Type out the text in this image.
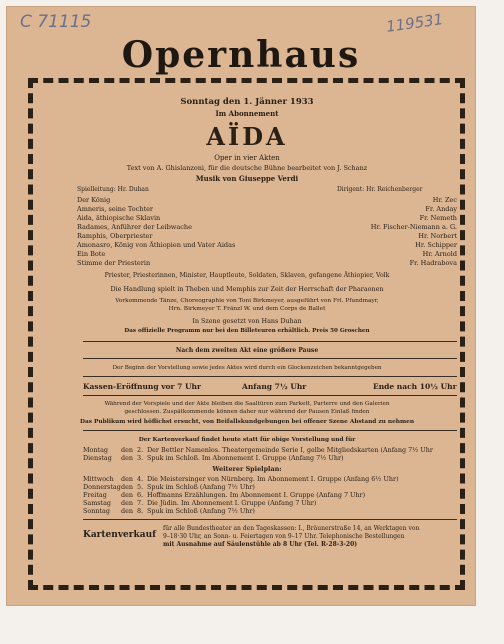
C 71115	119531
Opernhaus
Sonntag den 1. Jänner 1933
Im Abonnement
AÏDA
Oper in vier Akten
Text von A. Ghislanzoni, für die deutsche Bühne bearbeitet von J. Schanz
Musik von Giuseppe Verdi
Spielleitung: Hr. Duhan	Dirigent: Hr. Reichenberger
Der König	Hr. Zec
Amneris, seine Tochter	Fr. Anday
Aida, äthiopische Sklavin	Fr. Nemeth
Radames, Anführer der Leibwache	Hr. Fischer-Niemann a. G.
Ramphis, Oberpriester	Hr. Norbert
Amonasro, König von Äthiopien und Vater Aidas	Hr. Schipper
Ein Bote	Hr. Arnold
Stimme der Priesterin	Fr. Hadrabova
Priester, Priesterinnen, Minister, Hauptleute, Soldaten, Sklaven, gefangene Äthiopier, Volk
Die Handlung spielt in Theben und Memphis zur Zeit der Herrschaft der Pharaonen
Vorkommende Tänze, Choreographie von Toni Birkmeyer, ausgeführt von Frl. Pfundmayr,
Hrn. Birkmeyer T. Fränzl W. und dem Corps de Ballet
In Szene gesetzt von Hans Duhan
Das offizielle Programm nur bei den Billeteuren erhältlich. Preis 50 Groschen
Nach dem zweiten Akt eine größere Pause
Der Beginn der Vorstellung sowie jedes Aktes wird durch ein Glockenzeichen bekanntgegeben
Kassen-Eröffnung vor 7 Uhr	Anfang 7½ Uhr	Ende nach 10½ Uhr
Während der Vorspiele und der Akte bleiben die Saaltüren zum Parkett, Parterre und den Galerien
geschlossen. Zuspätkommende können daher nur während der Pausen Einlaß finden
Das Publikum wird höflichst ersucht, von Beifallskundgebungen bei offener Szene Abstand zu nehmen
Der Kartenverkauf findet heute statt für obige Vorstellung und für
Montag	den 2. Der Bettler Namenlos. Theatergemeinde Serie I, gelbe Mitgliedskarten (Anfang 7½ Uhr
Dienstag	den 3. Spuk im Schloß. Im Abonnement I. Gruppe (Anfang 7½ Uhr)
Weiterer Spielplan:
Mittwoch	den 4. Die Meistersinger von Nürnberg. Im Abonnement I. Gruppe (Anfang 6½ Uhr)
Donnerstag den 5. Spuk im Schloß (Anfang 7½ Uhr)
Freitag	den 6. Hoffmanns Erzählungen. Im Abonnement I. Gruppe (Anfang 7 Uhr)
Samstag	den 7. Die Jüdin. Im Abonnement I. Gruppe (Anfang 7 Uhr)
Sonntag	den 8. Spuk im Schloß (Anfang 7½ Uhr)
Kartenverkauf
für alle Bundestheater an den Tageskassen: I., Bräunerstraße 14, an Werktagen von
9–18·30 Uhr, an Sonn- u. Feiertagen von 9–17 Uhr. Telephonische Bestellungen
mit Ausnahme auf Säulenstühle ab 8 Uhr (Tel. R-28-3-20)
